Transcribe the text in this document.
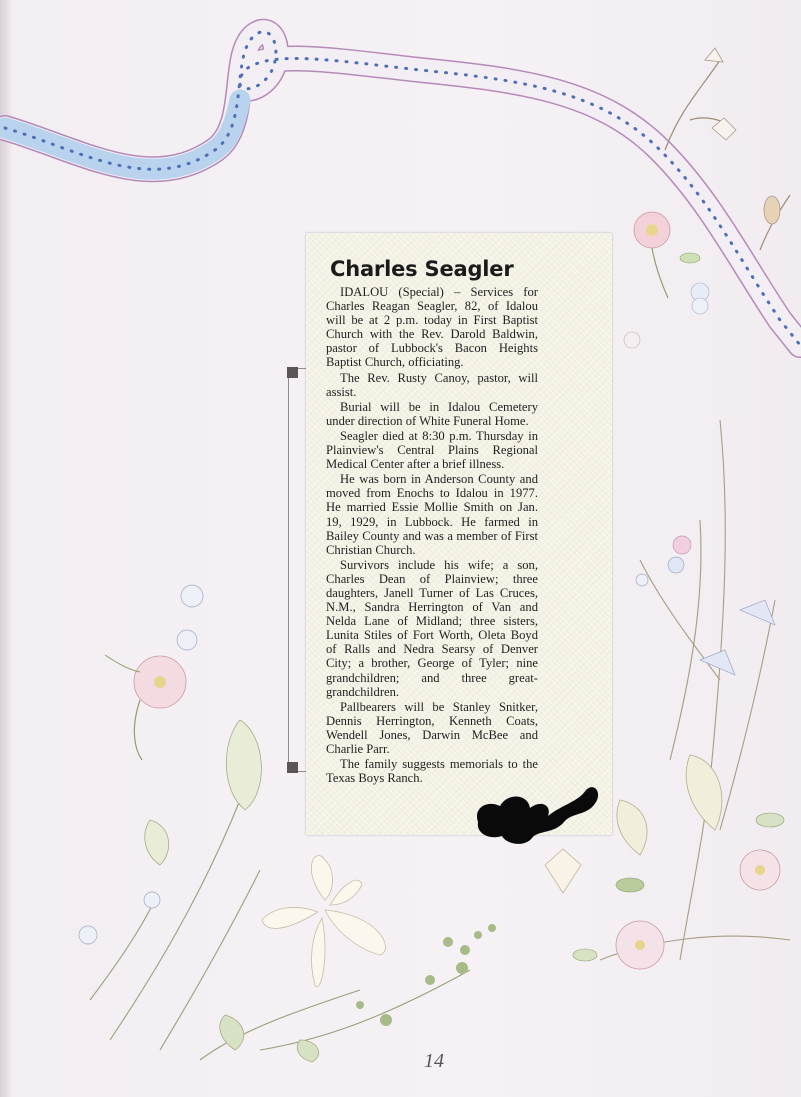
Charles Seagler

IDALOU (Special) – Services for Charles Reagan Seagler, 82, of Idalou will be at 2 p.m. today in First Baptist Church with the Rev. Darold Baldwin, pastor of Lubbock's Bacon Heights Baptist Church, officiating.

The Rev. Rusty Canoy, pastor, will assist.

Burial will be in Idalou Cemetery under direction of White Funeral Home.

Seagler died at 8:30 p.m. Thursday in Plainview's Central Plains Regional Medical Center after a brief illness.

He was born in Anderson County and moved from Enochs to Idalou in 1977. He married Essie Mollie Smith on Jan. 19, 1929, in Lubbock. He farmed in Bailey County and was a member of First Christian Church.

Survivors include his wife; a son, Charles Dean of Plainview; three daughters, Janell Turner of Las Cruces, N.M., Sandra Herrington of Van and Nelda Lane of Midland; three sisters, Lunita Stiles of Fort Worth, Oleta Boyd of Ralls and Nedra Searsy of Denver City; a brother, George of Tyler; nine grandchildren; and three great-grandchildren.

Pallbearers will be Stanley Snitker, Dennis Herrington, Kenneth Coats, Wendell Jones, Darwin McBee and Charlie Parr.

The family suggests memorials to the Texas Boys Ranch.

14
